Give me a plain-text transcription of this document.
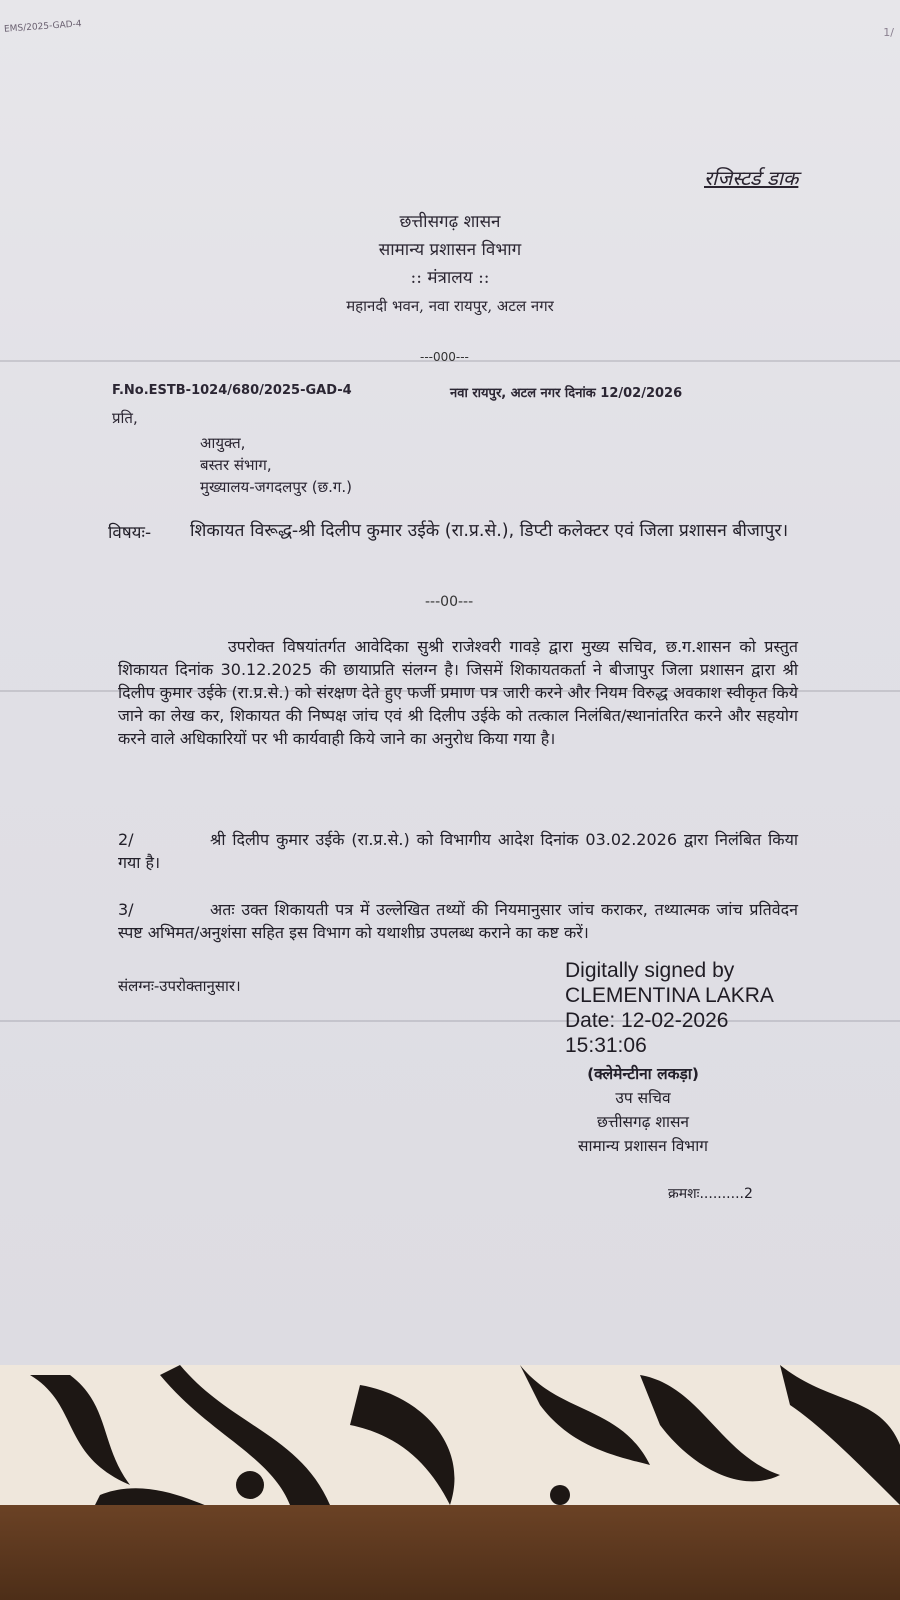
EMS/2025-GAD-4	1/
रजिस्टर्ड डाक
छत्तीसगढ़ शासन
सामान्य प्रशासन विभाग
:: मंत्रालय ::
महानदी भवन, नवा रायपुर, अटल नगर
---000---
F.No.ESTB-1024/680/2025-GAD-4	नवा रायपुर, अटल नगर दिनांक 12/02/2026
प्रति,
आयुक्त,
बस्तर संभाग,
मुख्यालय-जगदलपुर (छ.ग.)
विषयः- शिकायत विरूद्ध-श्री दिलीप कुमार उईके (रा.प्र.से.), डिप्टी कलेक्टर एवं जिला प्रशासन बीजापुर।
---00---
उपरोक्त विषयांतर्गत आवेदिका सुश्री राजेश्वरी गावड़े द्वारा मुख्य सचिव, छ.ग.शासन को प्रस्तुत शिकायत दिनांक 30.12.2025 की छायाप्रति संलग्न है। जिसमें शिकायतकर्ता ने बीजापुर जिला प्रशासन द्वारा श्री दिलीप कुमार उईके (रा.प्र.से.) को संरक्षण देते हुए फर्जी प्रमाण पत्र जारी करने और नियम विरुद्ध अवकाश स्वीकृत किये जाने का लेख कर, शिकायत की निष्पक्ष जांच एवं श्री दिलीप उईके को तत्काल निलंबित/स्थानांतरित करने और सहयोग करने वाले अधिकारियों पर भी कार्यवाही किये जाने का अनुरोध किया गया है।
2/	श्री दिलीप कुमार उईके (रा.प्र.से.) को विभागीय आदेश दिनांक 03.02.2026 द्वारा निलंबित किया गया है।
3/	अतः उक्त शिकायती पत्र में उल्लेखित तथ्यों की नियमानुसार जांच कराकर, तथ्यात्मक जांच प्रतिवेदन स्पष्ट अभिमत/अनुशंसा सहित इस विभाग को यथाशीघ्र उपलब्ध कराने का कष्ट करें।
संलग्नः-उपरोक्तानुसार।
Digitally signed by
CLEMENTINA LAKRA
Date: 12-02-2026
15:31:06
(क्लेमेन्टीना लकड़ा)
उप सचिव
छत्तीसगढ़ शासन
सामान्य प्रशासन विभाग
क्रमशः..........2
